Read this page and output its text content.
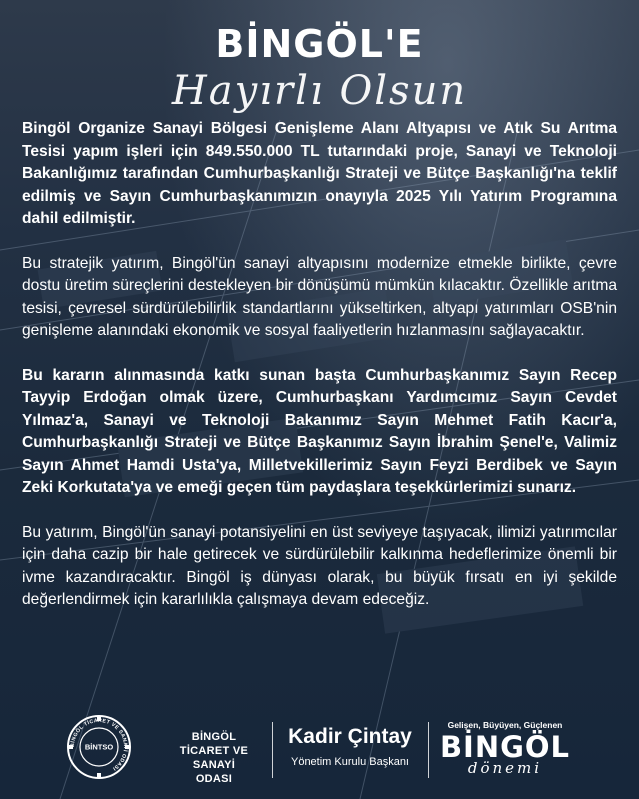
BİNGÖL'E
Hayırlı Olsun

Bingöl Organize Sanayi Bölgesi Genişleme Alanı Altyapısı ve Atık Su Arıtma Tesisi yapım işleri için 849.550.000 TL tutarındaki proje, Sanayi ve Teknoloji Bakanlığımız tarafından Cumhurbaşkanlığı Strateji ve Bütçe Başkanlığı'na teklif edilmiş ve Sayın Cumhurbaşkanımızın onayıyla 2025 Yılı Yatırım Programına dahil edilmiştir.

Bu stratejik yatırım, Bingöl'ün sanayi altyapısını modernize etmekle birlikte, çevre dostu üretim süreçlerini destekleyen bir dönüşümü mümkün kılacaktır. Özellikle arıtma tesisi, çevresel sürdürülebilirlik standartlarını yükseltirken, altyapı yatırımları OSB'nin genişleme alanındaki ekonomik ve sosyal faaliyetlerin hızlanmasını sağlayacaktır.

Bu kararın alınmasında katkı sunan başta Cumhurbaşkanımız Sayın Recep Tayyip Erdoğan olmak üzere, Cumhurbaşkanı Yardımcımız Sayın Cevdet Yılmaz'a, Sanayi ve Teknoloji Bakanımız Sayın Mehmet Fatih Kacır'a, Cumhurbaşkanlığı Strateji ve Bütçe Başkanımız Sayın İbrahim Şenel'e, Valimiz Sayın Ahmet Hamdi Usta'ya, Milletvekillerimiz Sayın Feyzi Berdibek ve Sayın Zeki Korkutata'ya ve emeği geçen tüm paydaşlara teşekkürlerimizi sunarız.

Bu yatırım, Bingöl'ün sanayi potansiyelini en üst seviyeye taşıyacak, ilimizi yatırımcılar için daha cazip bir hale getirecek ve sürdürülebilir kalkınma hedeflerimize önemli bir ivme kazandıracaktır. Bingöl iş dünyası olarak, bu büyük fırsatı en iyi şekilde değerlendirmek için kararlılıkla çalışmaya devam edeceğiz.

BİNGÖL TİCARET VE SANAYİ ODASI
BİNTSO
BİNGÖL
TİCARET VE SANAYİ
ODASI
Kadir Çintay
Yönetim Kurulu Başkanı
Gelişen, Büyüyen, Güçlenen
BİNGÖL
dönemi
